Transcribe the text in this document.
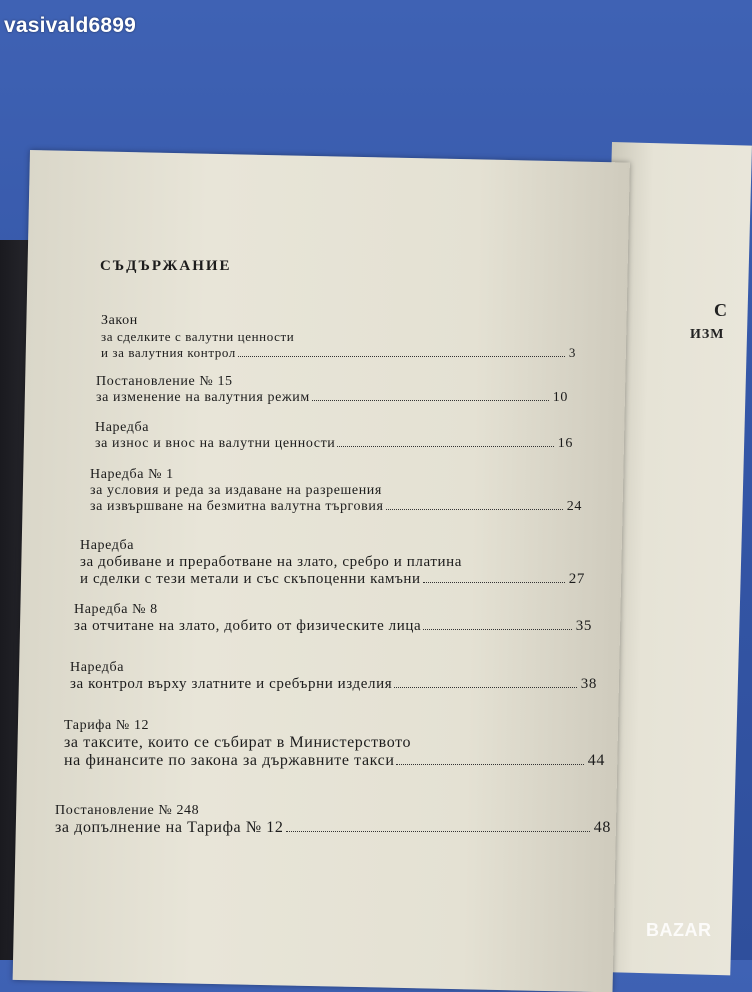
C
ИЗМ
vasivald6899
СЪДЪРЖАНИЕ
Закон
за сделките с валутни ценности
и за валутния контрол	3
Постановление № 15
за изменение на валутния режим	10
Наредба
за износ и внос на валутни ценности	16
Наредба № 1
за условия и реда за издаване на разрешения
за извършване на безмитна валутна търговия	24
Наредба
за добиване и преработване на злато, сребро и платина
и сделки с тези метали и със скъпоценни камъни	27
Наредба № 8
за отчитане на злато, добито от физическите лица	35
Наредба
за контрол върху златните и сребърни изделия	38
Тарифа № 12
за таксите, които се събират в Министерството
на финансите по закона за държавните такси	44
Постановление № 248
за допълнение на Тарифа № 12	48
BAZAR
